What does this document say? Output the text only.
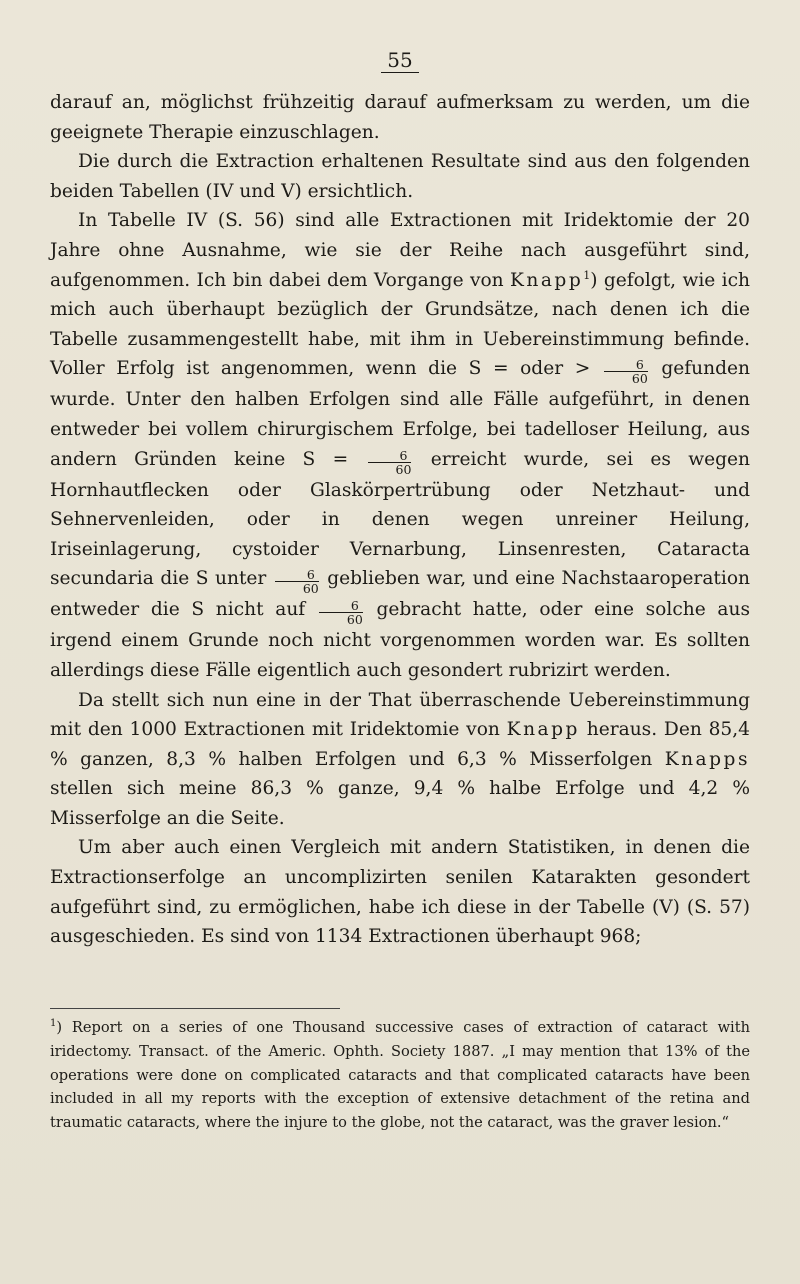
55

darauf an, möglichst frühzeitig darauf aufmerksam zu werden, um die geeignete Therapie einzuschlagen.

Die durch die Extraction erhaltenen Resultate sind aus den folgenden beiden Tabellen (IV und V) ersichtlich.

In Tabelle IV (S. 56) sind alle Extractionen mit Iridektomie der 20 Jahre ohne Ausnahme, wie sie der Reihe nach ausgeführt sind, aufgenommen. Ich bin dabei dem Vorgange von Knapp$^1$) gefolgt, wie ich mich auch überhaupt bezüglich der Grundsätze, nach denen ich die Tabelle zusammengestellt habe, mit ihm in Uebereinstimmung befinde. Voller Erfolg ist angenommen, wenn die S = oder > $\frac{6}{60}$ gefunden wurde. Unter den halben Erfolgen sind alle Fälle aufgeführt, in denen entweder bei vollem chirurgischem Erfolge, bei tadelloser Heilung, aus andern Gründen keine $S = \frac{6}{60}$ erreicht wurde, sei es wegen Hornhautflecken oder Glaskörpertrübung oder Netzhaut- und Sehnervenleiden, oder in denen wegen unreiner Heilung, Iriseinlagerung, cystoider Vernarbung, Linsenresten, Cataracta secundaria die S unter $\frac{6}{60}$ geblieben war, und eine Nachstaaroperation entweder die S nicht auf $\frac{6}{60}$ gebracht hatte, oder eine solche aus irgend einem Grunde noch nicht vorgenommen worden war. Es sollten allerdings diese Fälle eigentlich auch gesondert rubrizirt werden.

Da stellt sich nun eine in der That überraschende Uebereinstimmung mit den 1000 Extractionen mit Iridektomie von Knapp heraus. Den 85,4 % ganzen, 8,3 % halben Erfolgen und 6,3 % Misserfolgen Knapps stellen sich meine 86,3 % ganze, 9,4 % halbe Erfolge und 4,2 % Misserfolge an die Seite.

Um aber auch einen Vergleich mit andern Statistiken, in denen die Extractionserfolge an uncomplizirten senilen Katarakten gesondert aufgeführt sind, zu ermöglichen, habe ich diese in der Tabelle (V) (S. 57) ausgeschieden. Es sind von 1134 Extractionen überhaupt 968;

$^1$) Report on a series of one Thousand successive cases of extraction of cataract with iridectomy. Transact. of the Americ. Ophth. Society 1887. „I may mention that 13% of the operations were done on complicated cataracts and that complicated cataracts have been included in all my reports with the exception of extensive detachment of the retina and traumatic cataracts, where the injure to the globe, not the cataract, was the graver lesion.“
